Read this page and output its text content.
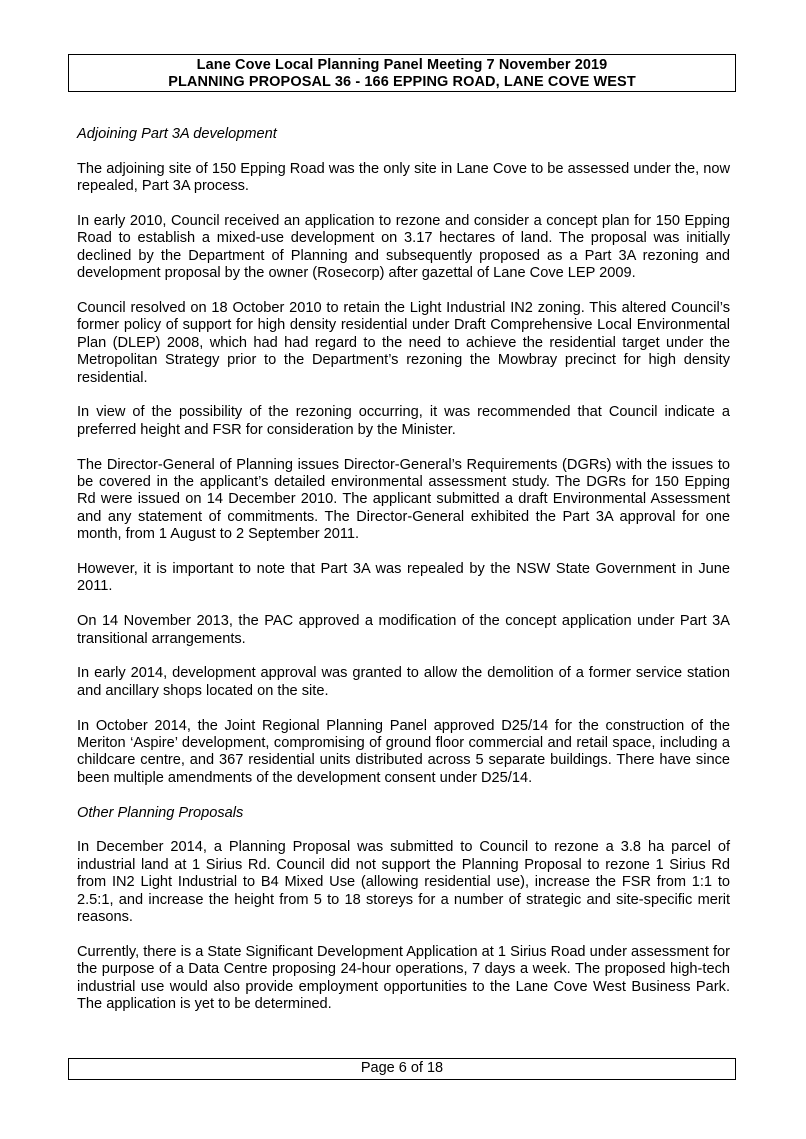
Lane Cove Local Planning Panel Meeting 7 November 2019
PLANNING PROPOSAL 36 - 166 EPPING ROAD, LANE COVE WEST

Adjoining Part 3A development

The adjoining site of 150 Epping Road was the only site in Lane Cove to be assessed under the, now repealed, Part 3A process.

In early 2010, Council received an application to rezone and consider a concept plan for 150 Epping Road to establish a mixed-use development on 3.17 hectares of land. The proposal was initially declined by the Department of Planning and subsequently proposed as a Part 3A rezoning and development proposal by the owner (Rosecorp) after gazettal of Lane Cove LEP 2009.

Council resolved on 18 October 2010 to retain the Light Industrial IN2 zoning. This altered Council’s former policy of support for high density residential under Draft Comprehensive Local Environmental Plan (DLEP) 2008, which had had regard to the need to achieve the residential target under the Metropolitan Strategy prior to the Department’s rezoning the Mowbray precinct for high density residential.

In view of the possibility of the rezoning occurring, it was recommended that Council indicate a preferred height and FSR for consideration by the Minister.

The Director-General of Planning issues Director-General’s Requirements (DGRs) with the issues to be covered in the applicant’s detailed environmental assessment study. The DGRs for 150 Epping Rd were issued on 14 December 2010. The applicant submitted a draft Environmental Assessment and any statement of commitments. The Director-General exhibited the Part 3A approval for one month, from 1 August to 2 September 2011.

However, it is important to note that Part 3A was repealed by the NSW State Government in June 2011.

On 14 November 2013, the PAC approved a modification of the concept application under Part 3A transitional arrangements.

In early 2014, development approval was granted to allow the demolition of a former service station and ancillary shops located on the site.

In October 2014, the Joint Regional Planning Panel approved D25/14 for the construction of the Meriton ‘Aspire’ development, compromising of ground floor commercial and retail space, including a childcare centre, and 367 residential units distributed across 5 separate buildings. There have since been multiple amendments of the development consent under D25/14.

Other Planning Proposals

In December 2014, a Planning Proposal was submitted to Council to rezone a 3.8 ha parcel of industrial land at 1 Sirius Rd. Council did not support the Planning Proposal to rezone 1 Sirius Rd from IN2 Light Industrial to B4 Mixed Use (allowing residential use), increase the FSR from 1:1 to 2.5:1, and increase the height from 5 to 18 storeys for a number of strategic and site-specific merit reasons.

Currently, there is a State Significant Development Application at 1 Sirius Road under assessment for the purpose of a Data Centre proposing 24-hour operations, 7 days a week. The proposed high-tech industrial use would also provide employment opportunities to the Lane Cove West Business Park. The application is yet to be determined.

Page 6 of 18
